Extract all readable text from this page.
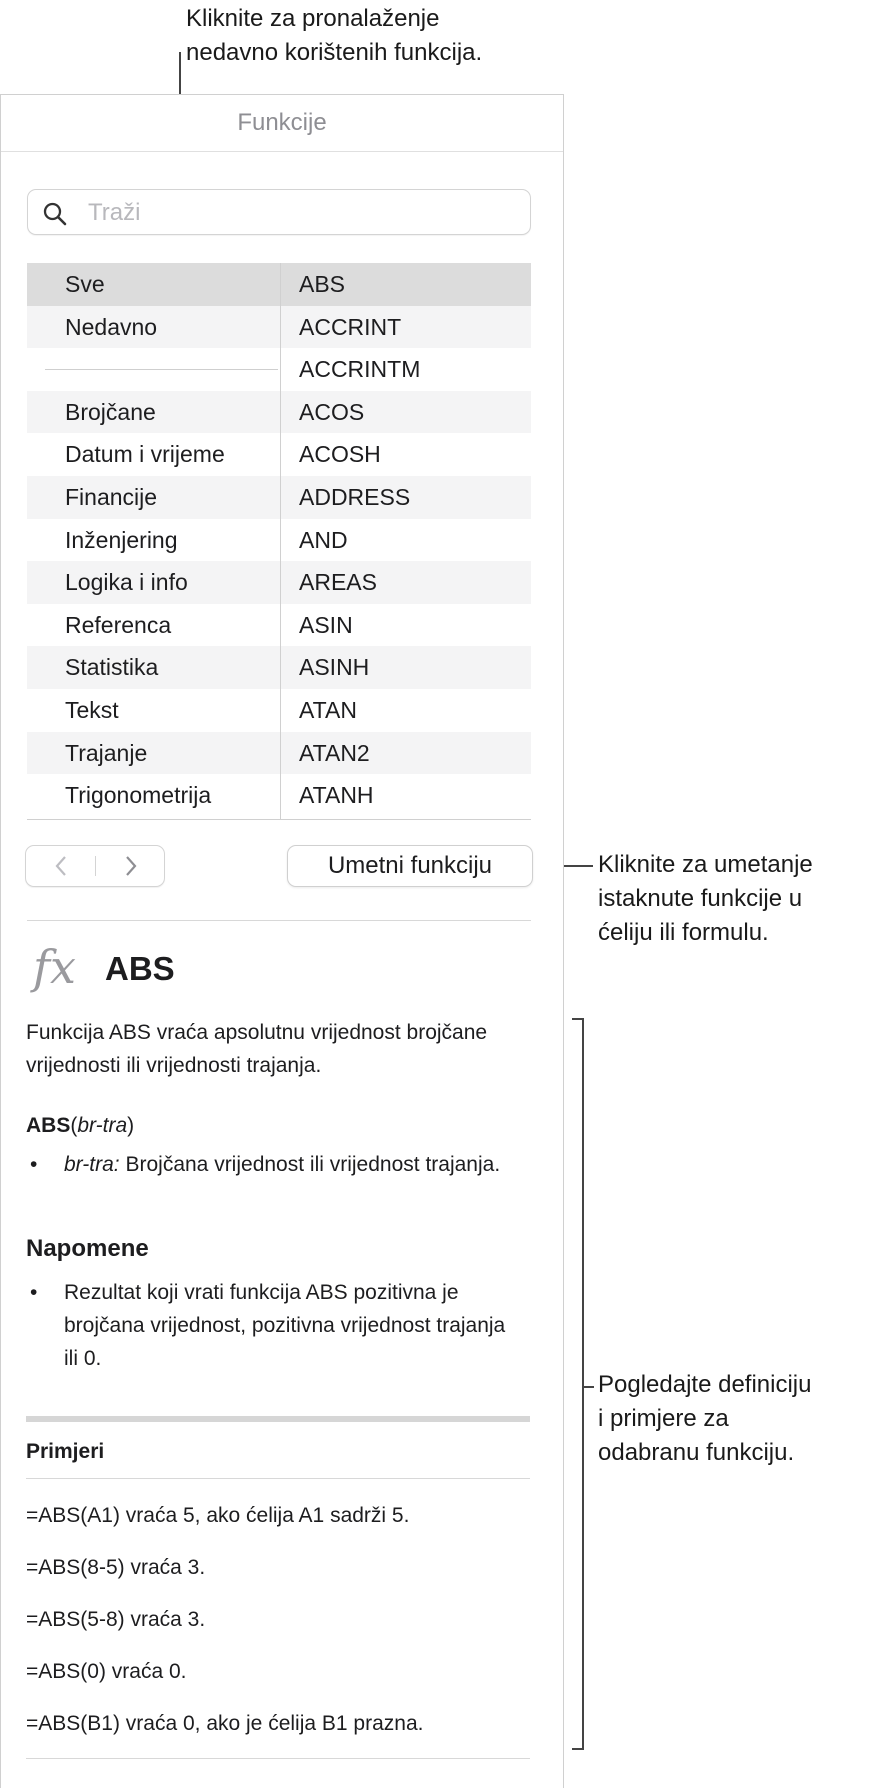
Kliknite za pronalaženje
nedavno korištenih funkcija.
Kliknite za umetanje
istaknute funkcije u
ćeliju ili formulu.
Pogledajte definiciju
i primjere za
odabranu funkciju.
Funkcije
Traži
Sve
Nedavno
Brojčane
Datum i vrijeme
Financije
Inženjering
Logika i info
Referenca
Statistika
Tekst
Trajanje
Trigonometrija
ABS
ACCRINT
ACCRINTM
ACOS
ACOSH
ADDRESS
AND
AREAS
ASIN
ASINH
ATAN
ATAN2
ATANH
Umetni funkciju
fx ABS
Funkcija ABS vraća apsolutnu vrijednost brojčane vrijednosti ili vrijednosti trajanja.
ABS(br-tra)
• br-tra: Brojčana vrijednost ili vrijednost trajanja.
Napomene
• Rezultat koji vrati funkcija ABS pozitivna je brojčana vrijednost, pozitivna vrijednost trajanja ili 0.
Primjeri
=ABS(A1) vraća 5, ako ćelija A1 sadrži 5.
=ABS(8-5) vraća 3.
=ABS(5-8) vraća 3.
=ABS(0) vraća 0.
=ABS(B1) vraća 0, ako je ćelija B1 prazna.
